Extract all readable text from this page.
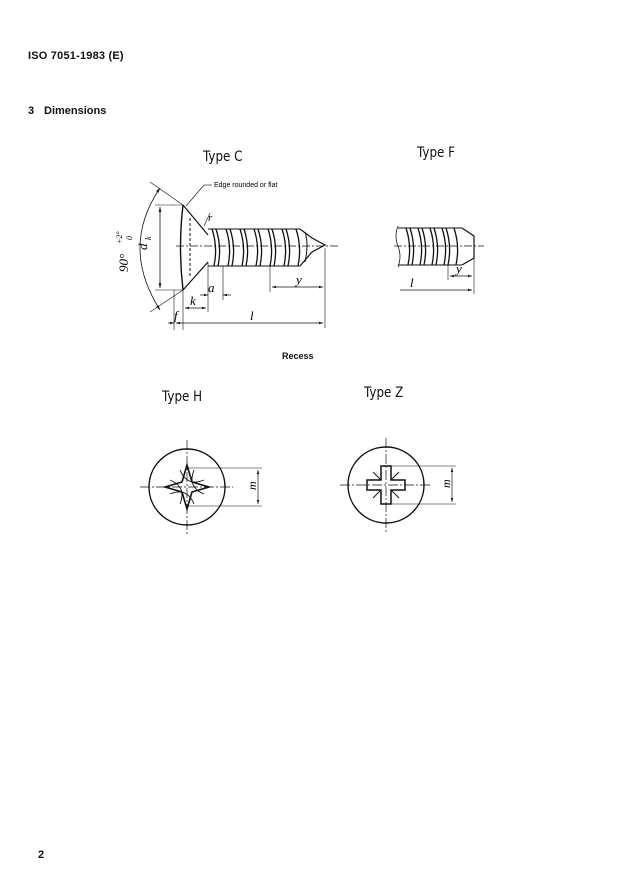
ISO 7051-1983 (E)
3 Dimensions
Type C	Type F
Recess
Type H	Type Z
2
Edge rounded or flat
d
k
90°
+2° 0
r
a
y
k
f	l
y
l
m	m
